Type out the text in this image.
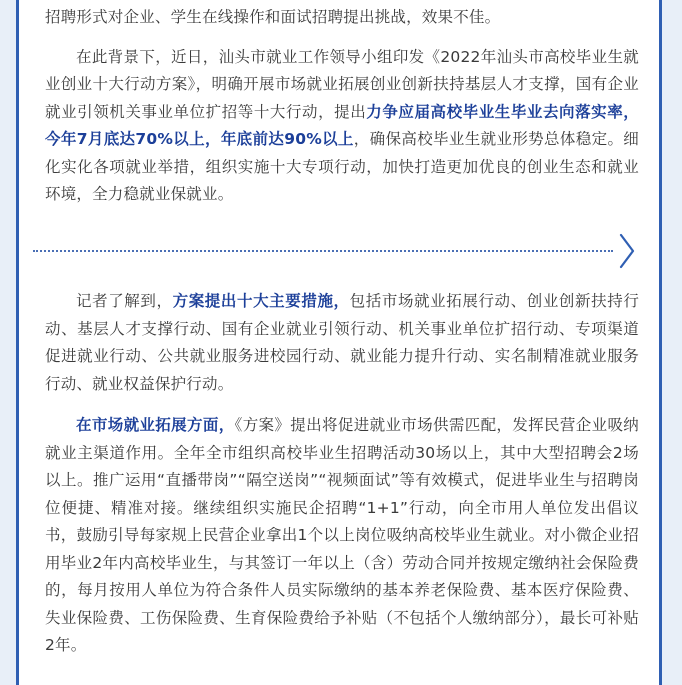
招聘形式对企业、学生在线操作和面试招聘提出挑战，效果不佳。

在此背景下，近日，汕头市就业工作领导小组印发《2022年汕头市高校毕业生就业创业十大行动方案》，明确开展市场就业拓展创业创新扶持基层人才支撑，国有企业就业引领机关事业单位扩招等十大行动，提出力争应届高校毕业生毕业去向落实率，今年7月底达70%以上，年底前达90%以上，确保高校毕业生就业形势总体稳定。细化实化各项就业举措，组织实施十大专项行动，加快打造更加优良的创业生态和就业环境，全力稳就业保就业。

记者了解到，方案提出十大主要措施，包括市场就业拓展行动、创业创新扶持行动、基层人才支撑行动、国有企业就业引领行动、机关事业单位扩招行动、专项渠道促进就业行动、公共就业服务进校园行动、就业能力提升行动、实名制精准就业服务行动、就业权益保护行动。

在市场就业拓展方面，《方案》提出将促进就业市场供需匹配，发挥民营企业吸纳就业主渠道作用。全年全市组织高校毕业生招聘活动30场以上，其中大型招聘会2场以上。推广运用“直播带岗”“隔空送岗”“视频面试”等有效模式，促进毕业生与招聘岗位便捷、精准对接。继续组织实施民企招聘“1+1”行动，向全市用人单位发出倡议书，鼓励引导每家规上民营企业拿出1个以上岗位吸纳高校毕业生就业。对小微企业招用毕业2年内高校毕业生，与其签订一年以上（含）劳动合同并按规定缴纳社会保险费的，每月按用人单位为符合条件人员实际缴纳的基本养老保险费、基本医疗保险费、失业保险费、工伤保险费、生育保险费给予补贴（不包括个人缴纳部分），最长可补贴2年。
